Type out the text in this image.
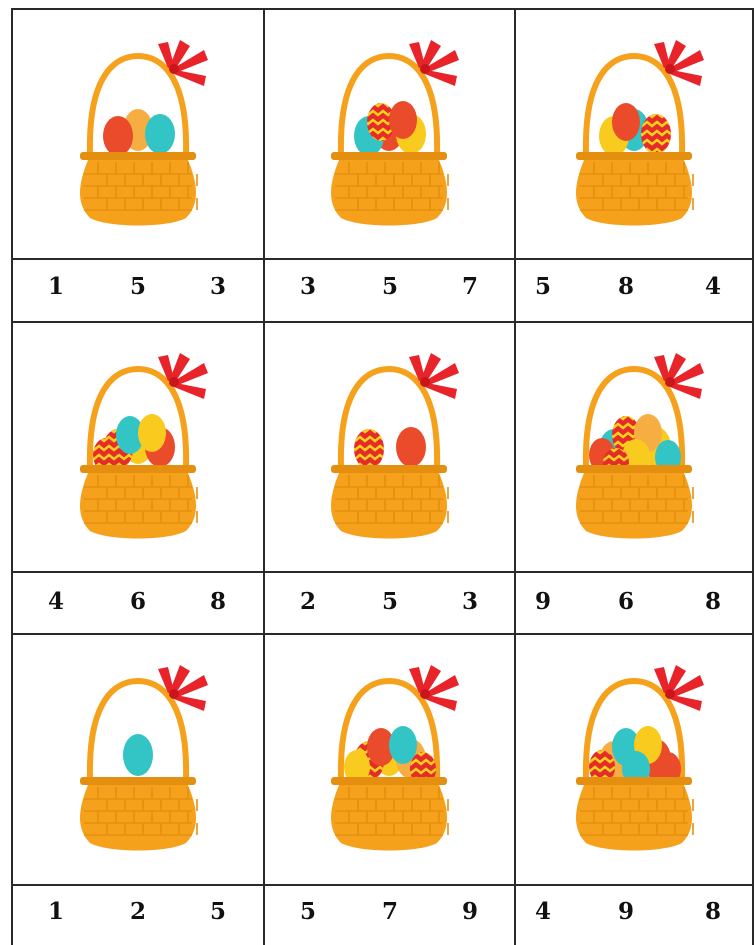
1	5	3	3	5	7 5	8	4
4	6	8	2	5	3 9	6	8
1	2	5	5	7	9 4	9	8
